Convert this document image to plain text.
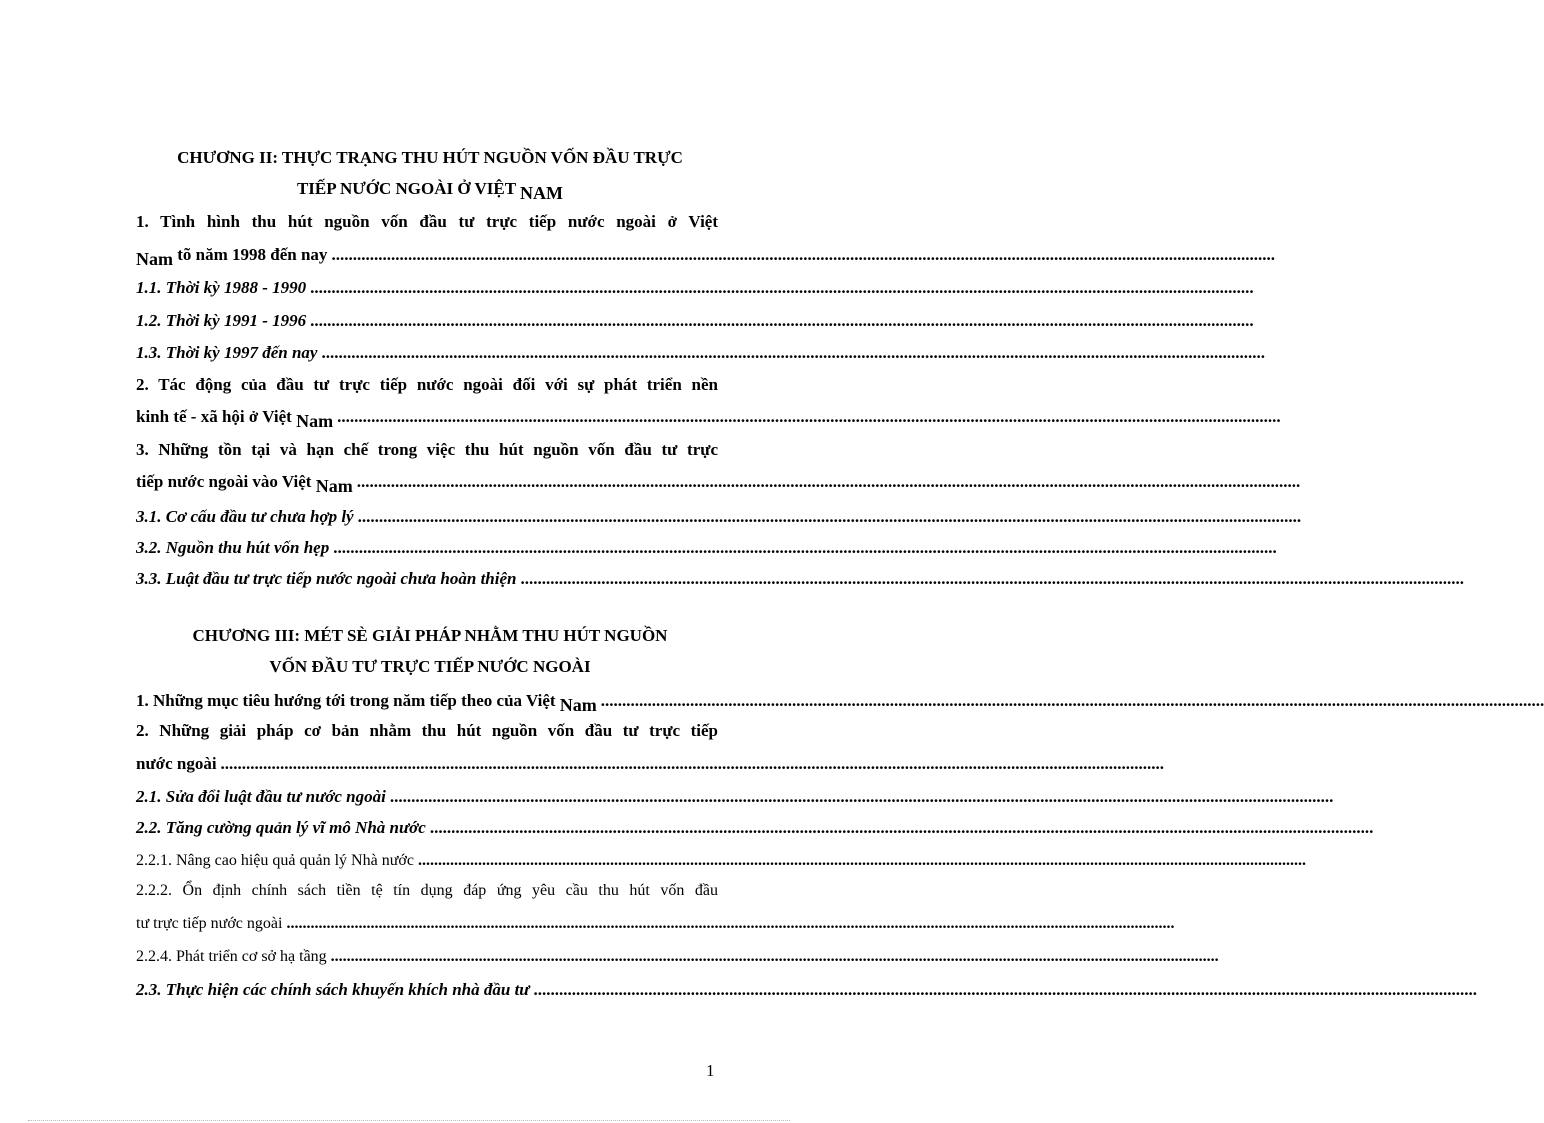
CHƯƠNG II: THỰC TRẠNG THU HÚT NGUỒN VỐN ĐẦU TRỰC
TIẾP NƯỚC NGOÀI Ở VIỆT NAM
1. Tình hình thu hút nguồn vốn đầu tư trực tiếp nước ngoài ở Việt
Nam tõ năm 1998 đến nay ..............................................................................................................................................................................................................................
1.1. Thời kỳ 1988 - 1990 ..............................................................................................................................................................................................................................
1.2. Thời kỳ 1991 - 1996 ..............................................................................................................................................................................................................................
1.3. Thời kỳ 1997 đến nay ..............................................................................................................................................................................................................................
2. Tác động của đầu tư trực tiếp nước ngoài đối với sự phát triển nền
kinh tế - xã hội ở Việt Nam ..............................................................................................................................................................................................................................
3. Những tồn tại và hạn chế trong việc thu hút nguồn vốn đầu tư trực
tiếp nước ngoài vào Việt Nam ..............................................................................................................................................................................................................................
3.1. Cơ cấu đầu tư chưa hợp lý ..............................................................................................................................................................................................................................
3.2. Nguồn thu hút vốn hẹp ..............................................................................................................................................................................................................................
3.3. Luật đầu tư trực tiếp nước ngoài chưa hoàn thiện ..............................................................................................................................................................................................................................
CHƯƠNG III: MÉT SÈ GIẢI PHÁP NHẰM THU HÚT NGUỒN
VỐN ĐẦU TƯ TRỰC TIẾP NƯỚC NGOÀI
1. Những mục tiêu hướng tới trong năm tiếp theo của Việt Nam ..............................................................................................................................................................................................................................
2. Những giải pháp cơ bản nhằm thu hút nguồn vốn đầu tư trực tiếp
nước ngoài ..............................................................................................................................................................................................................................
2.1. Sửa đổi luật đầu tư nước ngoài ..............................................................................................................................................................................................................................
2.2. Tăng cường quản lý vĩ mô Nhà nước ..............................................................................................................................................................................................................................
2.2.1. Nâng cao hiệu quả quản lý Nhà nước ..............................................................................................................................................................................................................................
2.2.2. Ổn định chính sách tiền tệ tín dụng đáp ứng yêu cầu thu hút vốn đầu
tư trực tiếp nước ngoài ..............................................................................................................................................................................................................................
2.2.4. Phát triển cơ sở hạ tầng ..............................................................................................................................................................................................................................
2.3. Thực hiện các chính sách khuyến khích nhà đầu tư ..............................................................................................................................................................................................................................
1
